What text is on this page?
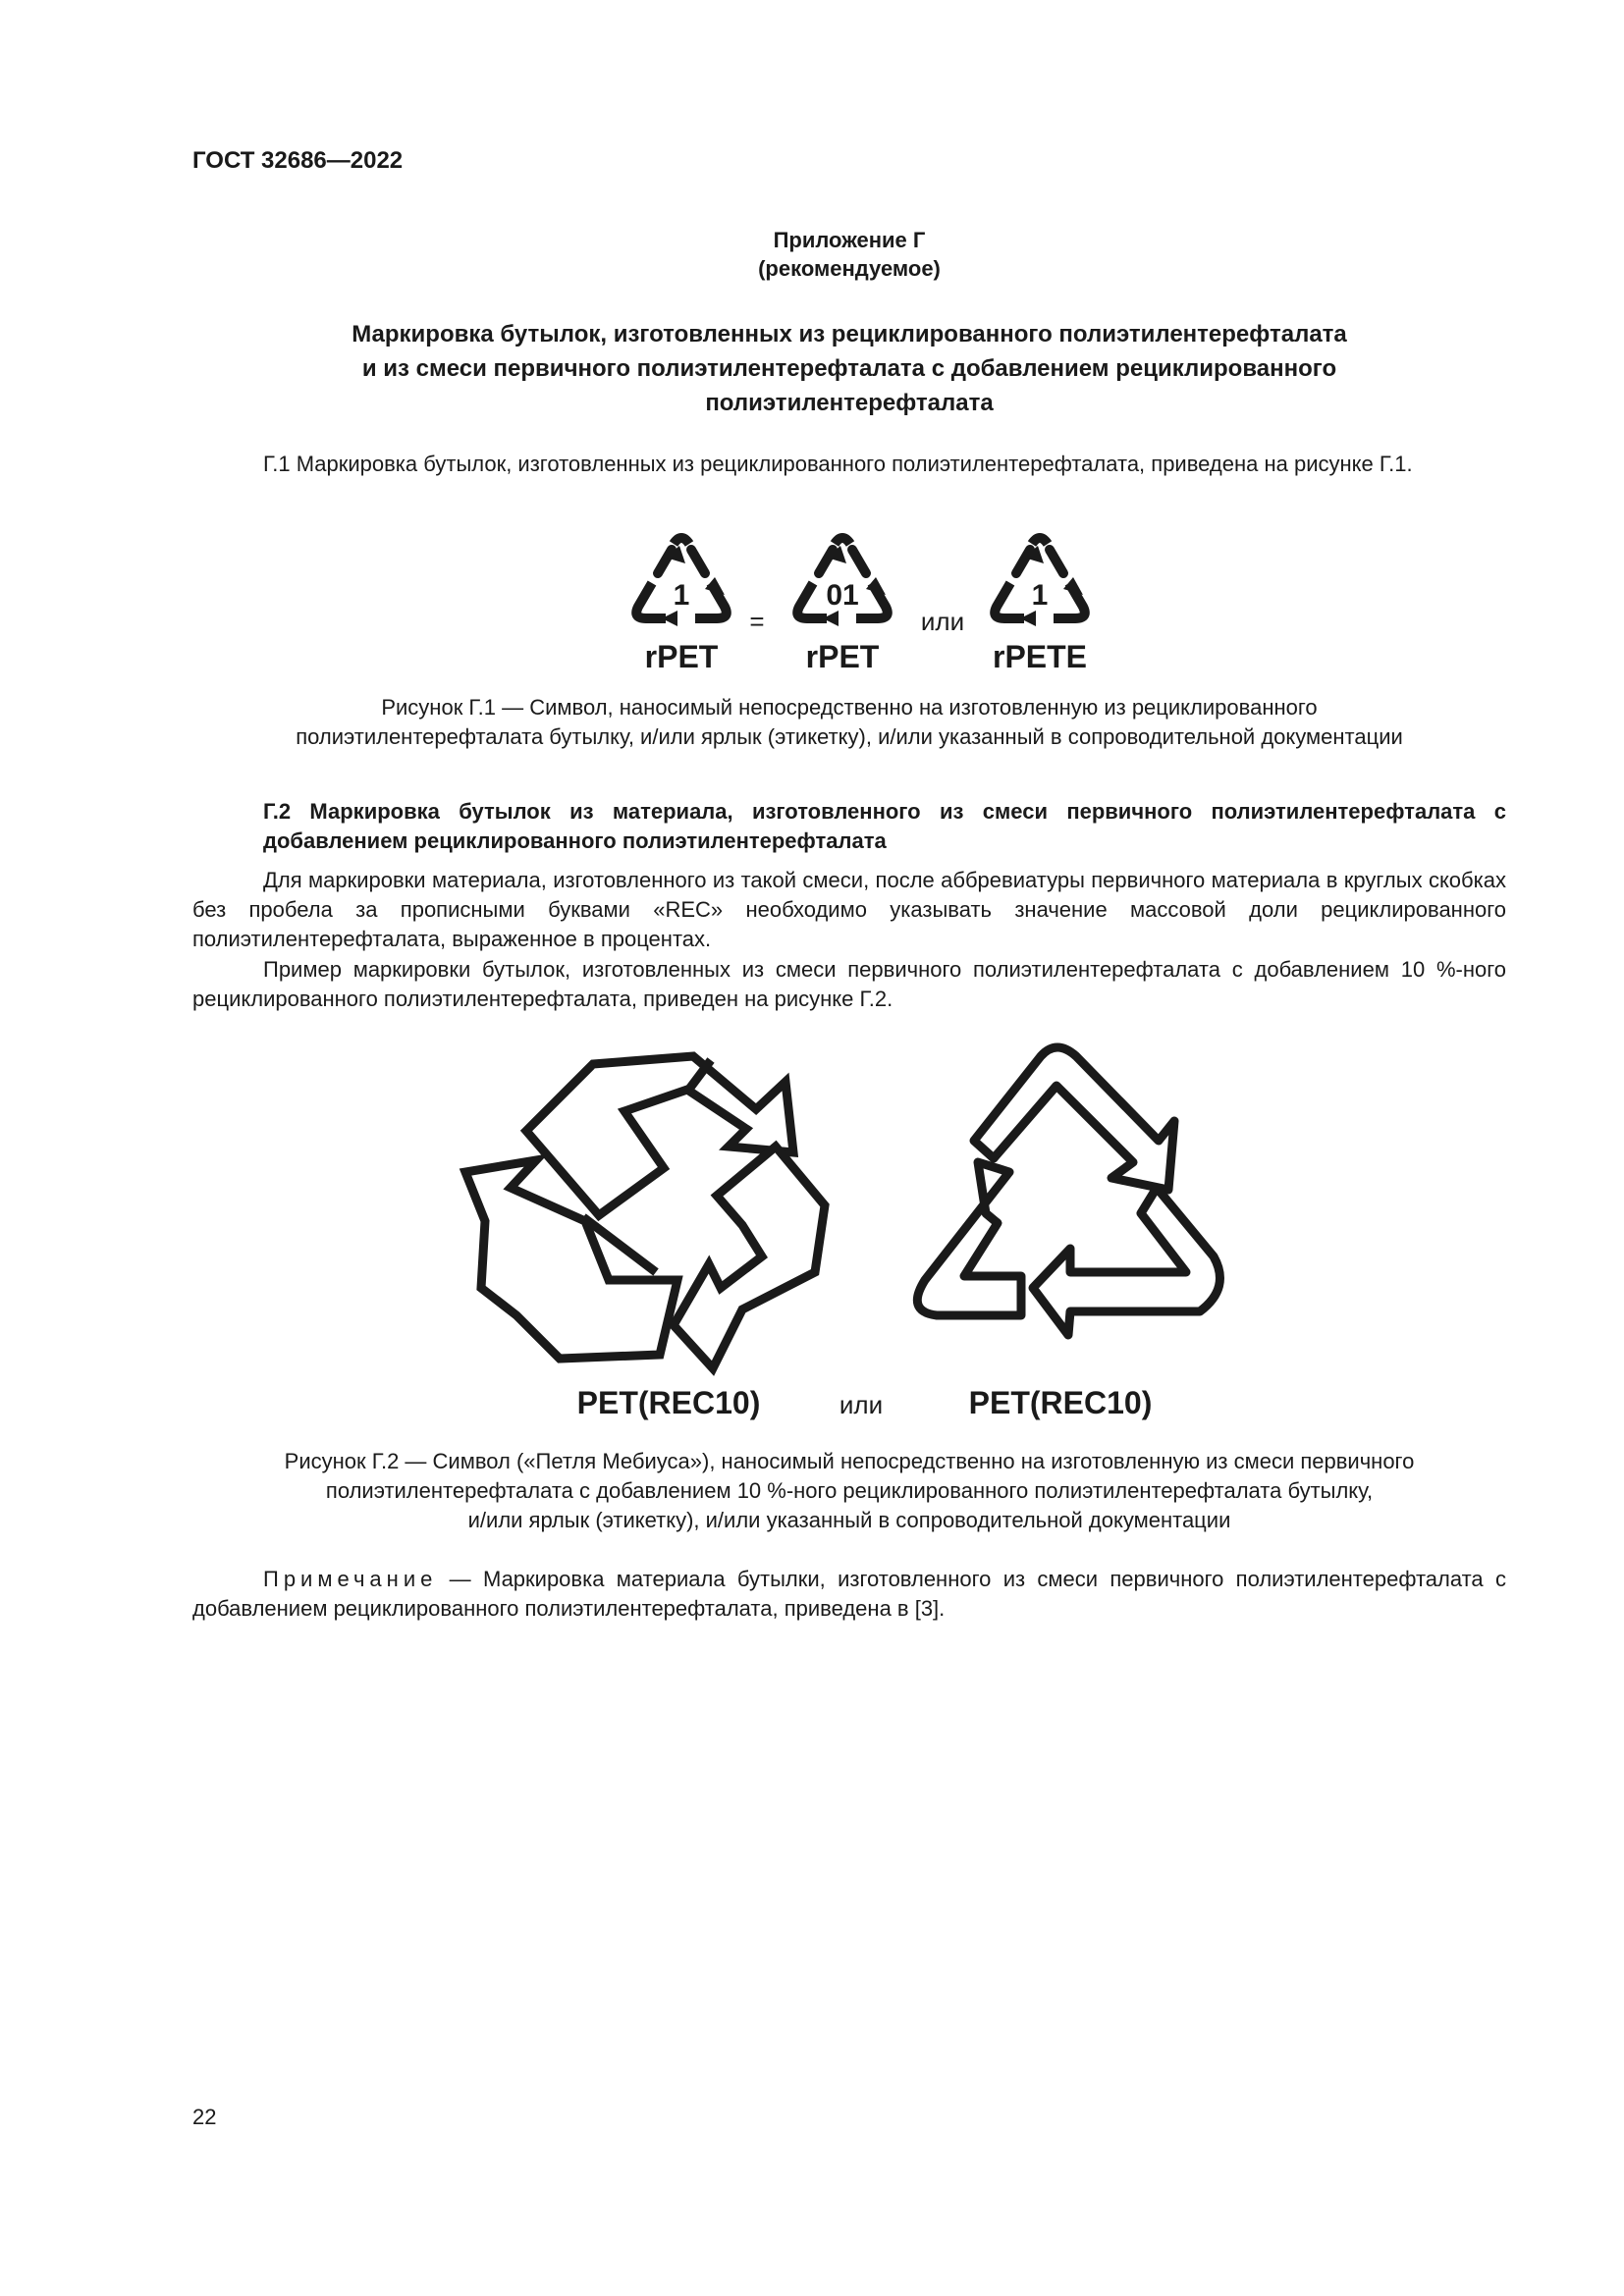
ГОСТ 32686—2022
Приложение Г
(рекомендуемое)
Маркировка бутылок, изготовленных из рециклированного полиэтилентерефталата
и из смеси первичного полиэтилентерефталата с добавлением рециклированного
полиэтилентерефталата
Г.1 Маркировка бутылок, изготовленных из рециклированного полиэтилентерефталата, приведена на рисунке Г.1.
1
rPET
=
01
rPET
или
1
rPETE
Рисунок Г.1 — Символ, наносимый непосредственно на изготовленную из рециклированного
полиэтилентерефталата бутылку, и/или ярлык (этикетку), и/или указанный в сопроводительной документации
Г.2 Маркировка бутылок из материала, изготовленного из смеси первичного полиэтилентерефталата с добавлением рециклированного полиэтилентерефталата
Для маркировки материала, изготовленного из такой смеси, после аббревиатуры первичного материала в круглых скобках без пробела за прописными буквами «REC» необходимо указывать значение массовой доли рециклированного полиэтилентерефталата, выраженное в процентах.
Пример маркировки бутылок, изготовленных из смеси первичного полиэтилентерефталата с добавлением 10 %-ного рециклированного полиэтилентерефталата, приведен на рисунке Г.2.
PET(REC10)	или	PET(REC10)
Рисунок Г.2 — Символ («Петля Мебиуса»), наносимый непосредственно на изготовленную из смеси первичного
полиэтилентерефталата с добавлением 10 %-ного рециклированного полиэтилентерефталата бутылку,
и/или ярлык (этикетку), и/или указанный в сопроводительной документации
Примечание — Маркировка материала бутылки, изготовленного из смеси первичного полиэтилентерефталата с добавлением рециклированного полиэтилентерефталата, приведена в [3].
22
